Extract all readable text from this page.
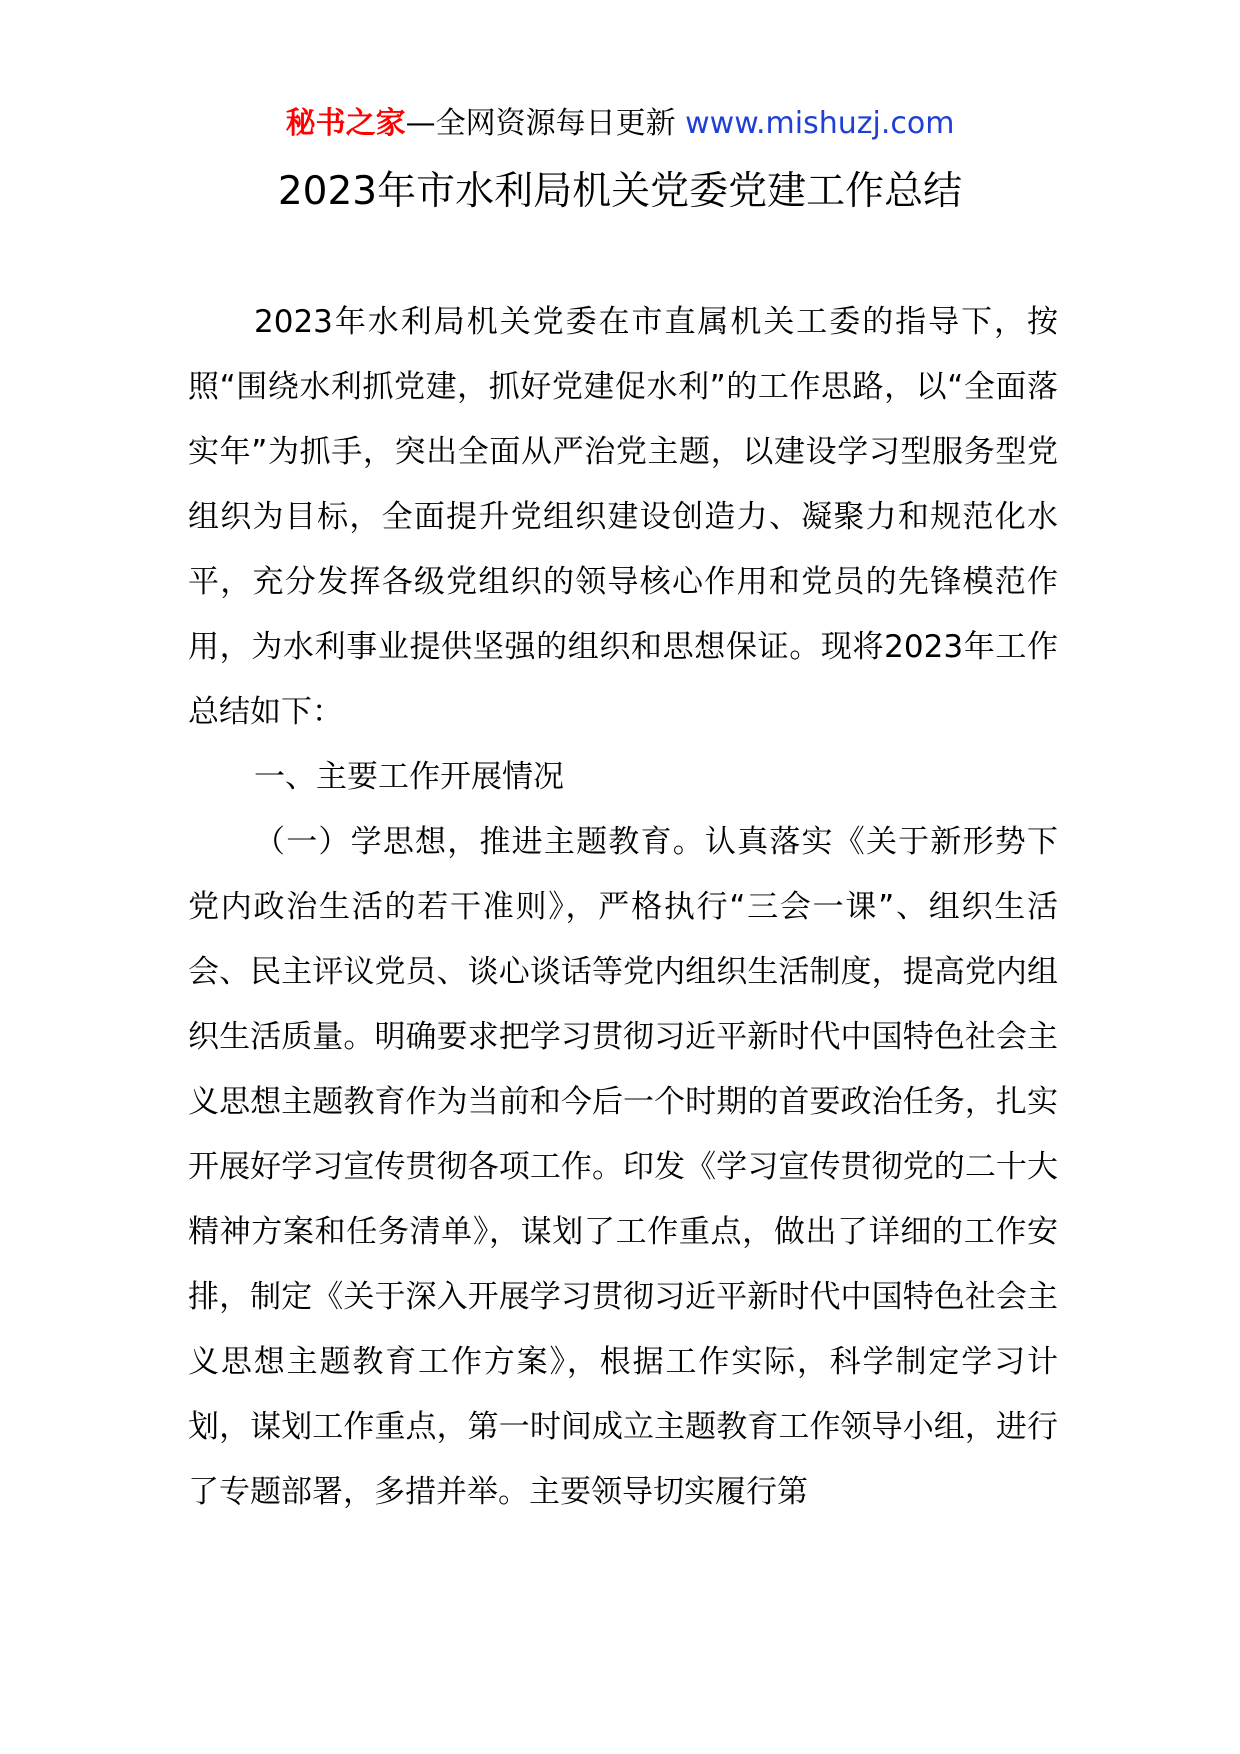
秘书之家—全网资源每日更新 www.mishuzj.com
2023年市水利局机关党委党建工作总结

2023年水利局机关党委在市直属机关工委的指导下，按照“围绕水利抓党建，抓好党建促水利”的工作思路，以“全面落实年”为抓手，突出全面从严治党主题，以建设学习型服务型党组织为目标，全面提升党组织建设创造力、凝聚力和规范化水平，充分发挥各级党组织的领导核心作用和党员的先锋模范作用，为水利事业提供坚强的组织和思想保证。现将2023年工作总结如下：

一、主要工作开展情况

（一）学思想，推进主题教育。认真落实《关于新形势下党内政治生活的若干准则》，严格执行“三会一课”、组织生活会、民主评议党员、谈心谈话等党内组织生活制度，提高党内组织生活质量。明确要求把学习贯彻习近平新时代中国特色社会主义思想主题教育作为当前和今后一个时期的首要政治任务，扎实开展好学习宣传贯彻各项工作。印发《学习宣传贯彻党的二十大精神方案和任务清单》，谋划了工作重点，做出了详细的工作安排，制定《关于深入开展学习贯彻习近平新时代中国特色社会主义思想主题教育工作方案》，根据工作实际，科学制定学习计划，谋划工作重点，第一时间成立主题教育工作领导小组，进行了专题部署，多措并举。主要领导切实履行第
